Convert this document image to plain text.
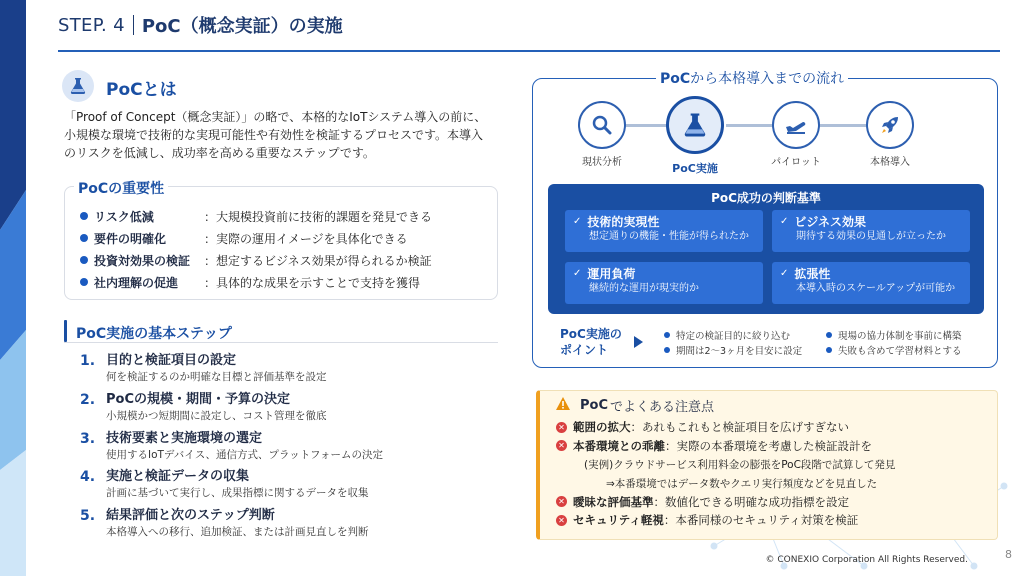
STEP. 4 PoC（概念実証）の実施
PoCとは
「Proof of Concept（概念実証）」の略で、本格的なIoTシステム導入の前に、小規模な環境で技術的な実現可能性や有効性を検証するプロセスです。本導入のリスクを低減し、成功率を高める重要なステップです。
PoCの重要性
リスク低減	：大規模投資前に技術的課題を発見できる
要件の明確化	：実際の運用イメージを具体化できる
投資対効果の検証	：想定するビジネス効果が得られるか検証
社内理解の促進	：具体的な成果を示すことで支持を獲得
PoC実施の基本ステップ
1. 目的と検証項目の設定
何を検証するのか明確な目標と評価基準を設定
2. PoCの規模・期間・予算の決定
小規模かつ短期間に設定し、コスト管理を徹底
3. 技術要素と実施環境の選定
使用するIoTデバイス、通信方式、プラットフォームの決定
4. 実施と検証データの収集
計画に基づいて実行し、成果指標に関するデータを収集
5. 結果評価と次のステップ判断
本格導入への移行、追加検証、または計画見直しを判断
PoCから本格導入までの流れ
現状分析	PoC実施	パイロット	本格導入
PoC成功の判断基準
✓ 技術的実現性
想定通りの機能・性能が得られたか
✓ ビジネス効果
期待する効果の見通しが立ったか
✓ 運用負荷
継続的な運用が現実的か
✓ 拡張性
本導入時のスケールアップが可能か
PoC実施の
ポイント
特定の検証目的に絞り込む	現場の協力体制を事前に構築
期間は2〜3ヶ月を目安に設定	失敗も含めて学習材料とする
PoC でよくある注意点
✕ 範囲の拡大 ：あれもこれもと検証項目を広げすぎない
✕ 本番環境との乖離 ：実際の本番環境を考慮した検証設計を
(実例)クラウドサービス利用料金の膨張をPoC段階で試算して発見
⇒本番環境ではデータ数やクエリ実行頻度などを見直した
✕ 曖昧な評価基準 ：数値化できる明確な成功指標を設定
✕ セキュリティ軽視 ：本番同様のセキュリティ対策を検証
© CONEXIO Corporation All Rights Reserved.	8
